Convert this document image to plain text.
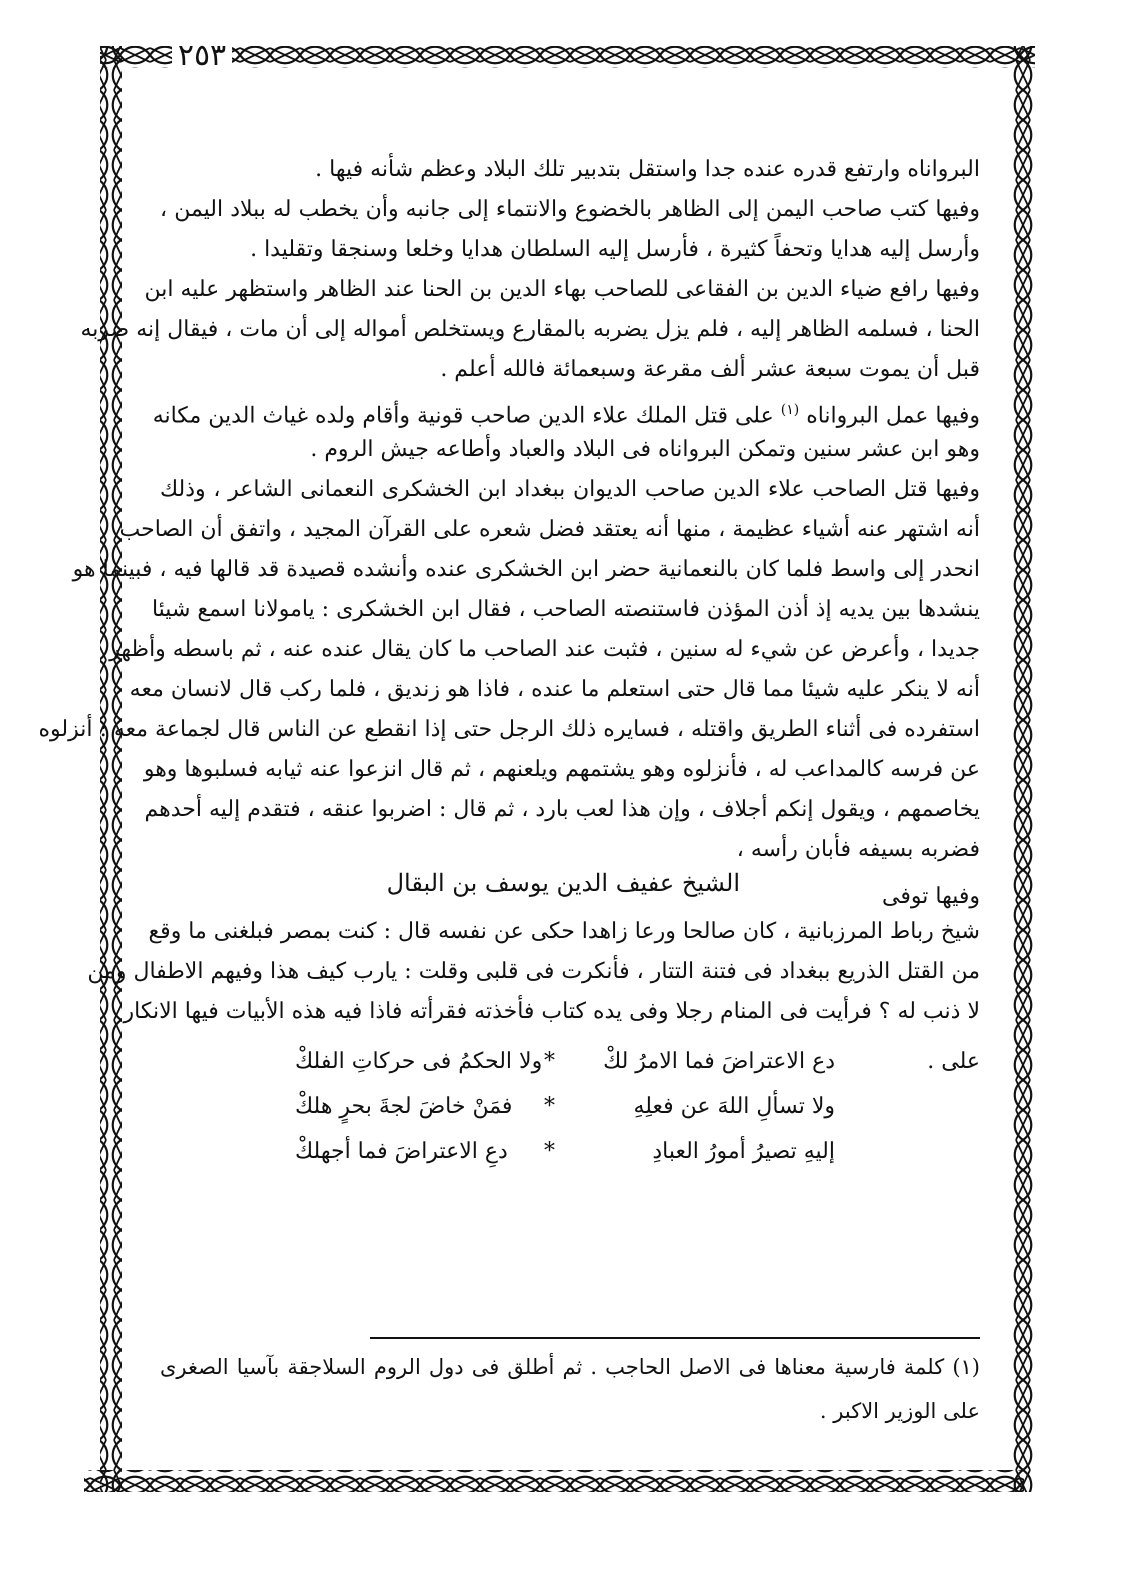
٢٥٣
البرواناه وارتفع قدره عنده جدا واستقل بتدبير تلك البلاد وعظم شأنه فيها .
وفيها كتب صاحب اليمن إلى الظاهر بالخضوع والانتماء إلى جانبه وأن يخطب له ببلاد اليمن ،
وأرسل إليه هدايا وتحفاً كثيرة ، فأرسل إليه السلطان هدايا وخلعا وسنجقا وتقليدا .
وفيها رافع ضياء الدين بن الفقاعى للصاحب بهاء الدين بن الحنا عند الظاهر واستظهر عليه ابن
الحنا ، فسلمه الظاهر إليه ، فلم يزل يضربه بالمقارع ويستخلص أمواله إلى أن مات ، فيقال إنه ضربه
قبل أن يموت سبعة عشر ألف مقرعة وسبعمائة فالله أعلم .
وفيها عمل البرواناه $^{(١)}$ على قتل الملك علاء الدين صاحب قونية وأقام ولده غياث الدين مكانه
وهو ابن عشر سنين وتمكن البرواناه فى البلاد والعباد وأطاعه جيش الروم .
وفيها قتل الصاحب علاء الدين صاحب الديوان ببغداد ابن الخشكرى النعمانى الشاعر ، وذلك
أنه اشتهر عنه أشياء عظيمة ، منها أنه يعتقد فضل شعره على القرآن المجيد ، واتفق أن الصاحب
انحدر إلى واسط فلما كان بالنعمانية حضر ابن الخشكرى عنده وأنشده قصيدة قد قالها فيه ، فبينما هو
ينشدها بين يديه إذ أذن المؤذن فاستنصته الصاحب ، فقال ابن الخشكرى : يامولانا اسمع شيئا
جديدا ، وأعرض عن شيء له سنين ، فثبت عند الصاحب ما كان يقال عنده عنه ، ثم باسطه وأظهر
أنه لا ينكر عليه شيئا مما قال حتى استعلم ما عنده ، فاذا هو زنديق ، فلما ركب قال لانسان معه
استفرده فى أثناء الطريق واقتله ، فسايره ذلك الرجل حتى إذا انقطع عن الناس قال لجماعة معه : أنزلوه
عن فرسه كالمداعب له ، فأنزلوه وهو يشتمهم ويلعنهم ، ثم قال انزعوا عنه ثيابه فسلبوها وهو
يخاصمهم ، ويقول إنكم أجلاف ، وإن هذا لعب بارد ، ثم قال : اضربوا عنقه ، فتقدم إليه أحدهم
فضربه بسيفه فأبان رأسه ،
وفيها توفى
الشيخ عفيف الدين يوسف بن البقال
شيخ رباط المرزبانية ، كان صالحا ورعا زاهدا حكى عن نفسه قال : كنت بمصر فبلغنى ما وقع
من القتل الذريع ببغداد فى فتنة التتار ، فأنكرت فى قلبى وقلت : يارب كيف هذا وفيهم الاطفال ومن
لا ذنب له ؟ فرأيت فى المنام رجلا وفى يده كتاب فأخذته فقرأته فاذا فيه هذه الأبيات فيها الانكار
على .
دع الاعتراضَ فما الامرُ لكْ
*
ولا الحكمُ فى حركاتِ الفلكْ
ولا تسألِ اللهَ عن فعلِهِ
*
فمَنْ خاضَ لجةَ بحرٍ هلكْ
إليهِ تصيرُ أمورُ العبادِ
*
دعِ الاعتراضَ فما أجهلكْ
(١) كلمة فارسية معناها فى الاصل الحاجب . ثم أطلق فى دول الروم السلاجقة بآسيا الصغرى
على الوزير الاكبر .
